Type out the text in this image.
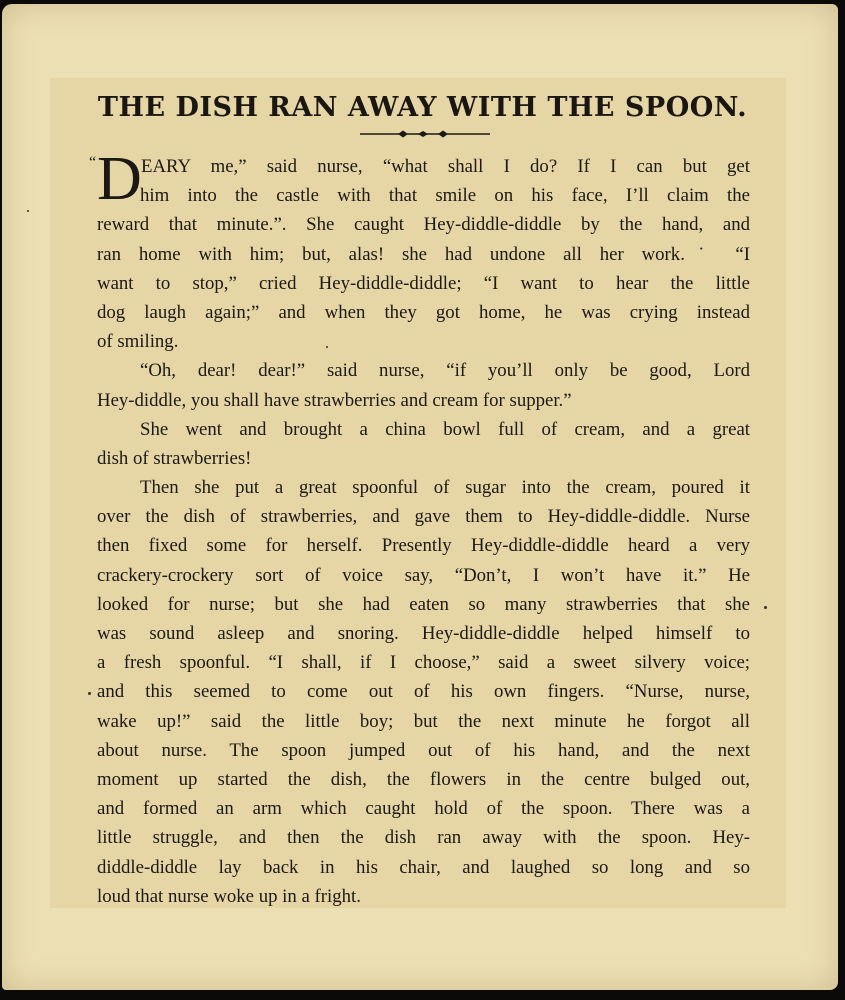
THE DISH RAN AWAY WITH THE SPOON.
D
“	EARY me,” said nurse, “what shall I do? If I can but get
him into the castle with that smile on his face, I’ll claim the
reward that minute.”. She caught Hey-diddle-diddle by the hand, and
ran home with him; but, alas! she had undone all her work.˙ “I
want to stop,” cried Hey-diddle-diddle; “I want to hear the little
dog laugh again;” and when they got home, he was crying instead
of smiling.
“Oh, dear! dear!” said nurse, “if you’ll only be good, Lord
Hey-diddle, you shall have strawberries and cream for supper.”
She went and brought a china bowl full of cream, and a great
dish of strawberries!
Then she put a great spoonful of sugar into the cream, poured it
over the dish of strawberries, and gave them to Hey-diddle-diddle. Nurse
then fixed some for herself. Presently Hey-diddle-diddle heard a very
crackery-crockery sort of voice say, “Don’t, I won’t have it.” He
looked for nurse; but she had eaten so many strawberries that she
was sound asleep and snoring. Hey-diddle-diddle helped himself to
a fresh spoonful. “I shall, if I choose,” said a sweet silvery voice;
and this seemed to come out of his own fingers. “Nurse, nurse,
wake up!” said the little boy; but the next minute he forgot all
about nurse. The spoon jumped out of his hand, and the next
moment up started the dish, the flowers in the centre bulged out,
and formed an arm which caught hold of the spoon. There was a
little struggle, and then the dish ran away with the spoon. Hey-
diddle-diddle lay back in his chair, and laughed so long and so
loud that nurse woke up in a fright.
